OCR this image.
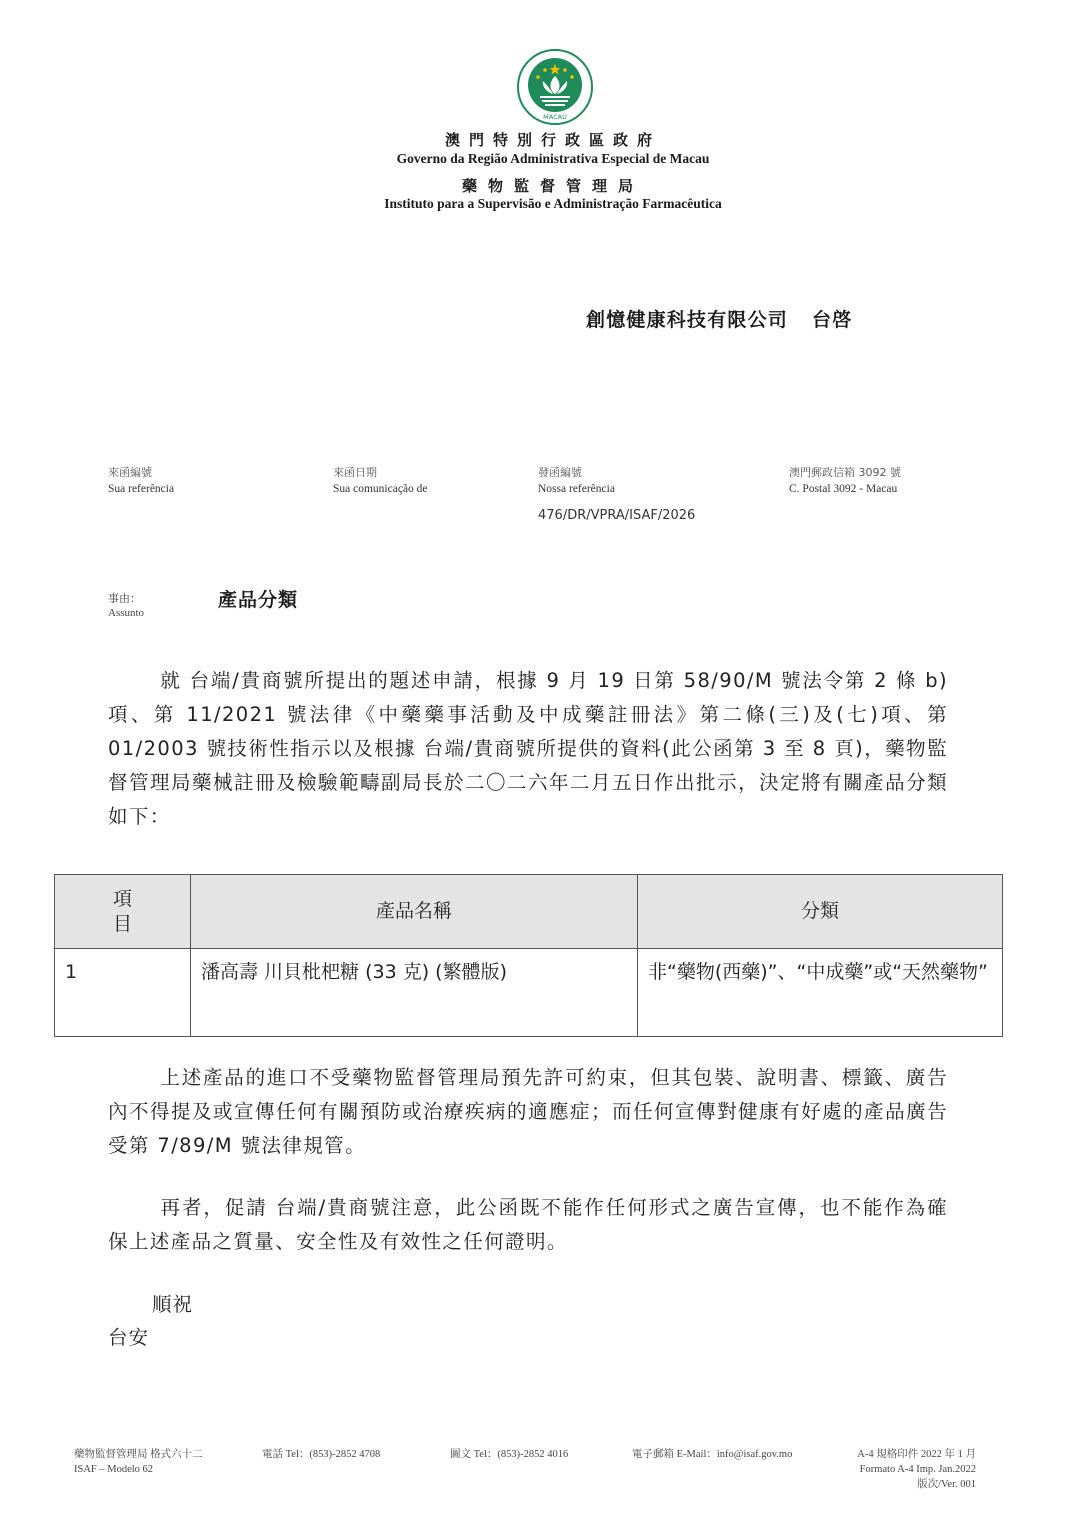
MACAU
澳門特別行政區政府
Governo da Região Administrativa Especial de Macau
藥物監督管理局
Instituto para a Supervisão e Administração Farmacêutica
創憶健康科技有限公司 台啓
來函編號
Sua referência
來函日期
Sua comunicação de
發函編號
Nossa referência
澳門郵政信箱 3092 號
C. Postal 3092 - Macau
476/DR/VPRA/ISAF/2026
事由：
Assunto
產品分類
就 台端/貴商號所提出的題述申請，根據 9 月 19 日第 58/90/M 號法令第 2 條 b)項、第 11/2021 號法律《中藥藥事活動及中成藥註冊法》第二條(三)及(七)項、第 01/2003 號技術性指示以及根據 台端/貴商號所提供的資料(此公函第 3 至 8 頁)，藥物監督管理局藥械註冊及檢驗範疇副局長於二〇二六年二月五日作出批示，決定將有關產品分類如下：
項
目	產品名稱	分類
1	潘高壽 川貝枇杷糖 (33 克) (繁體版)	非“藥物(西藥)”、“中成藥”或“天然藥物”
上述產品的進口不受藥物監督管理局預先許可約束，但其包裝、說明書、標籤、廣告內不得提及或宣傳任何有關預防或治療疾病的適應症；而任何宣傳對健康有好處的產品廣告受第 7/89/M 號法律規管。
再者，促請 台端/貴商號注意，此公函既不能作任何形式之廣告宣傳，也不能作為確保上述產品之質量、安全性及有效性之任何證明。
順祝
台安
藥物監督管理局 格式六十二
ISAF – Modelo 62
電話 Tel：(853)-2852 4708	圖文 Tel：(853)-2852 4016	電子郵箱 E-Mail：info@isaf.gov.mo	A-4 規格印件 2022 年 1 月
Formato A-4 Imp. Jan.2022
版次/Ver. 001
